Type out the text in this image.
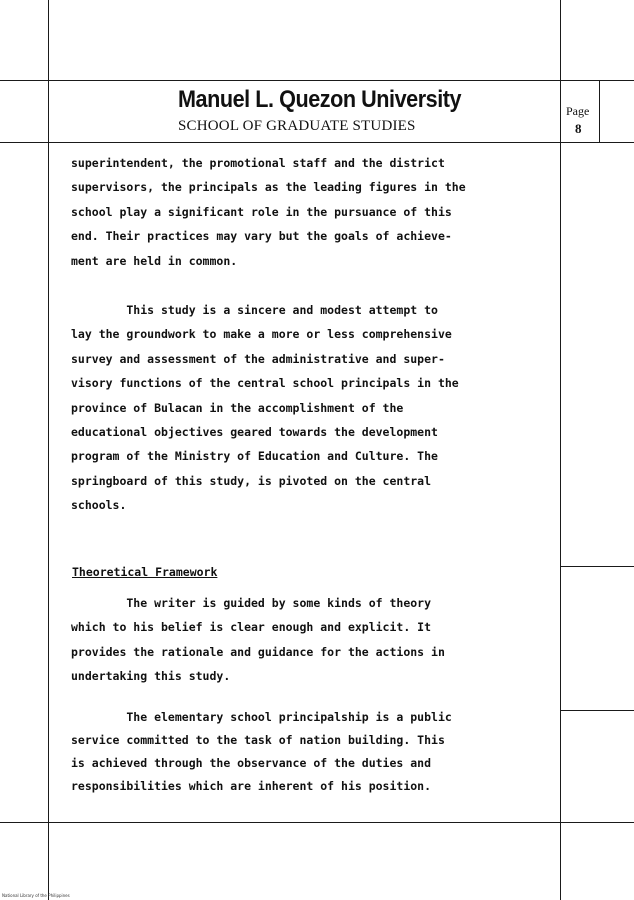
Manuel L. Quezon University
SCHOOL OF GRADUATE STUDIES
Page
8
superintendent, the promotional staff and the district
supervisors, the principals as the leading figures in the
school play a significant role in the pursuance of this
end. Their practices may vary but the goals of achieve-
ment are held in common.
This study is a sincere and modest attempt to
lay the groundwork to make a more or less comprehensive
survey and assessment of the administrative and super-
visory functions of the central school principals in the
province of Bulacan in the accomplishment of the
educational objectives geared towards the development
program of the Ministry of Education and Culture. The
springboard of this study, is pivoted on the central
schools.
Theoretical Framework
The writer is guided by some kinds of theory
which to his belief is clear enough and explicit. It
provides the rationale and guidance for the actions in
undertaking this study.
The elementary school principalship is a public
service committed to the task of nation building. This
is achieved through the observance of the duties and
responsibilities which are inherent of his position.
National Library of the Philippines
